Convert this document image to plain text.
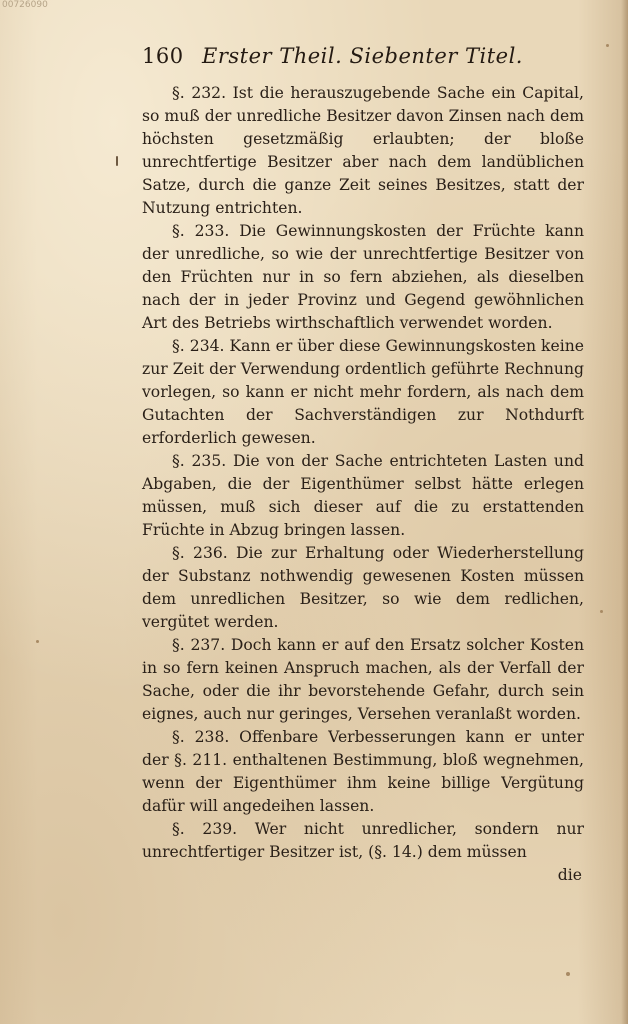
00726090
160 Erster Theil. Siebenter Titel.

§. 232. Ist die herauszugebende Sache ein Capital, so muß der unredliche Besitzer davon Zinsen nach dem höchsten gesetzmäßig erlaubten; der bloße unrechtfertige Besitzer aber nach dem landüblichen Satze, durch die ganze Zeit seines Besitzes, statt der Nutzung entrichten.

§. 233. Die Gewinnungskosten der Früchte kann der unredliche, so wie der unrechtfertige Besitzer von den Früchten nur in so fern abziehen, als dieselben nach der in jeder Provinz und Gegend gewöhnlichen Art des Betriebs wirthschaftlich verwendet worden.

§. 234. Kann er über diese Gewinnungskosten keine zur Zeit der Verwendung ordentlich geführte Rechnung vorlegen, so kann er nicht mehr fordern, als nach dem Gutachten der Sachverständigen zur Nothdurft erforderlich gewesen.

§. 235. Die von der Sache entrichteten Lasten und Abgaben, die der Eigenthümer selbst hätte erlegen müssen, muß sich dieser auf die zu erstattenden Früchte in Abzug bringen lassen.

§. 236. Die zur Erhaltung oder Wiederherstellung der Substanz nothwendig gewesenen Kosten müssen dem unredlichen Besitzer, so wie dem redlichen, vergütet werden.

§. 237. Doch kann er auf den Ersatz solcher Kosten in so fern keinen Anspruch machen, als der Verfall der Sache, oder die ihr bevorstehende Gefahr, durch sein eignes, auch nur geringes, Versehen veranlaßt worden.

§. 238. Offenbare Verbesserungen kann er unter der §. 211. enthaltenen Bestimmung, bloß wegnehmen, wenn der Eigenthümer ihm keine billige Vergütung dafür will angedeihen lassen.

§. 239. Wer nicht unredlicher, sondern nur unrechtfertiger Besitzer ist, (§. 14.) dem müssen

die
